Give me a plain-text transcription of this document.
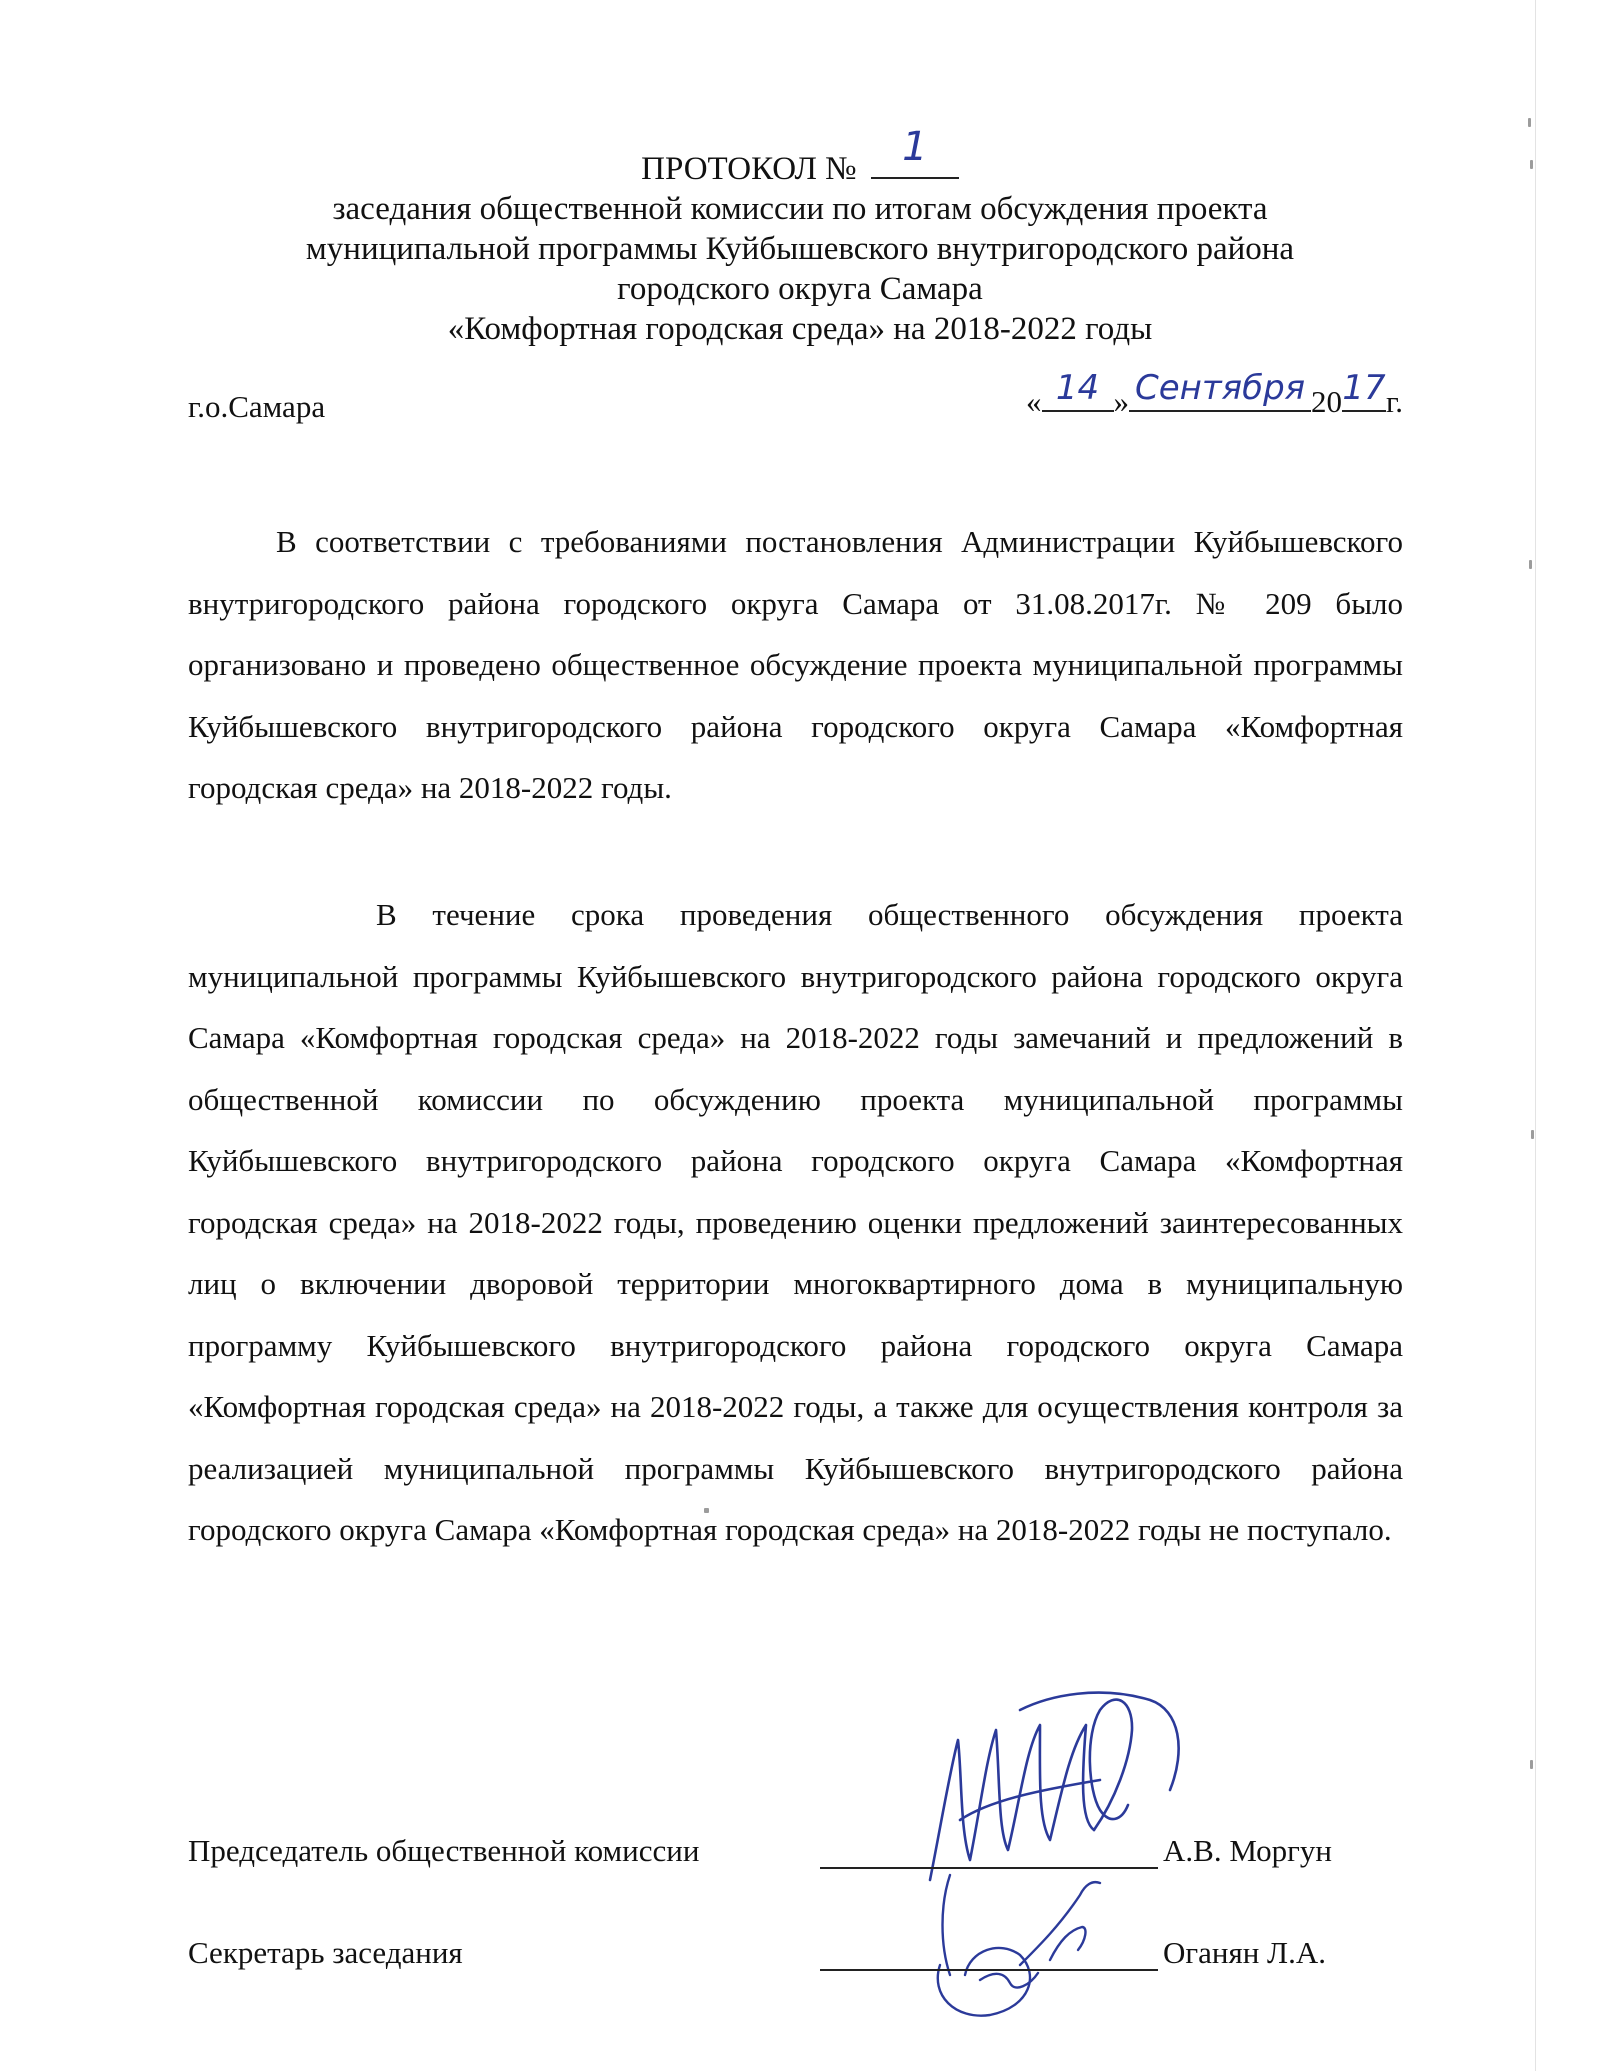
ПРОТОКОЛ №	1
заседания общественной комиссии по итогам обсуждения проекта
муниципальной программы Куйбышевского внутригородского района
городского округа Самара
«Комфортная городская среда» на 2018-2022 годы
г.о.Самара	« 14 » Сентября 20 17 г.

В соответствии с требованиями постановления Администрации Куйбышевского внутригородского района городского округа Самара от 31.08.2017г. № 209 было организовано и проведено общественное обсуждение проекта муниципальной программы Куйбышевского внутригородского района городского округа Самара «Комфортная городская среда» на 2018-2022 годы.

В течение срока проведения общественного обсуждения проекта муниципальной программы Куйбышевского внутригородского района городского округа Самара «Комфортная городская среда» на 2018-2022 годы замечаний и предложений в общественной комиссии по обсуждению проекта муниципальной программы Куйбышевского внутригородского района городского округа Самара «Комфортная городская среда» на 2018-2022 годы, проведению оценки предложений заинтересованных лиц о включении дворовой территории многоквартирного дома в муниципальную программу Куйбышевского внутригородского района городского округа Самара «Комфортная городская среда» на 2018-2022 годы, а также для осуществления контроля за реализацией муниципальной программы Куйбышевского внутригородского района городского округа Самара «Комфортная городская среда» на 2018-2022 годы не поступало.

Председатель общественной комиссии	А.В. Моргун
Секретарь заседания	Оганян Л.А.
